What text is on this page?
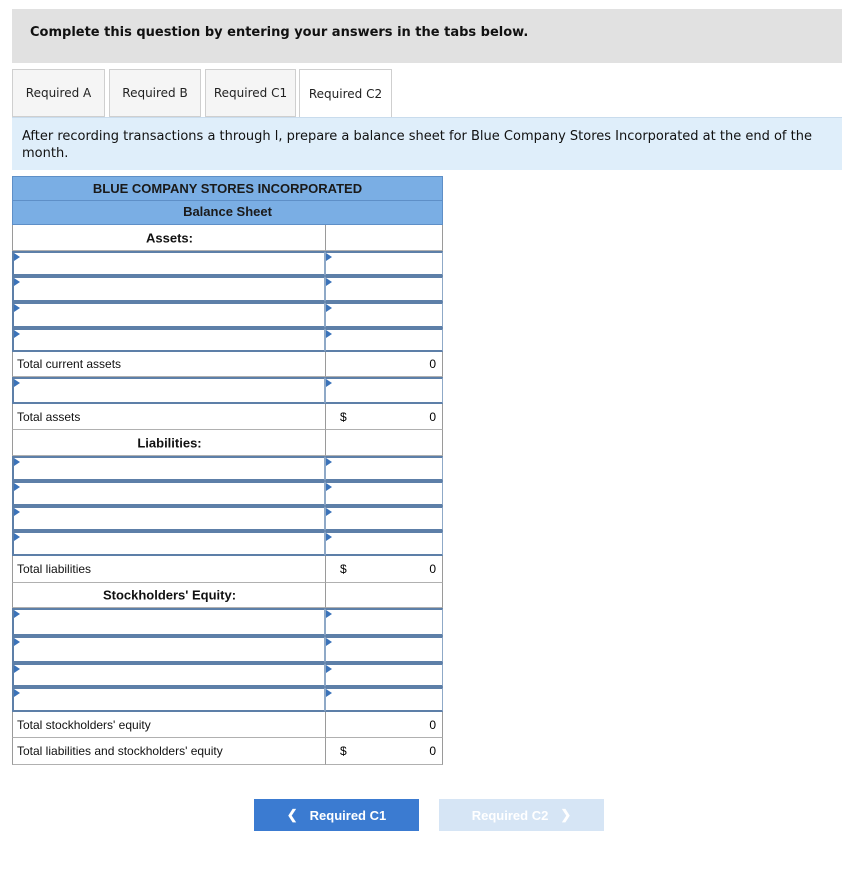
Complete this question by entering your answers in the tabs below.
Required A	Required B	Required C1	Required C2
After recording transactions a through l, prepare a balance sheet for Blue Company Stores Incorporated at the end of the month.
BLUE COMPANY STORES INCORPORATED
Balance Sheet
Assets:
Total current assets	0
Total assets	$	0
Liabilities:
Total liabilities	$	0
Stockholders' Equity:
Total stockholders' equity	0
Total liabilities and stockholders' equity	$	0
❮ Required C1	Required C2 ❯
